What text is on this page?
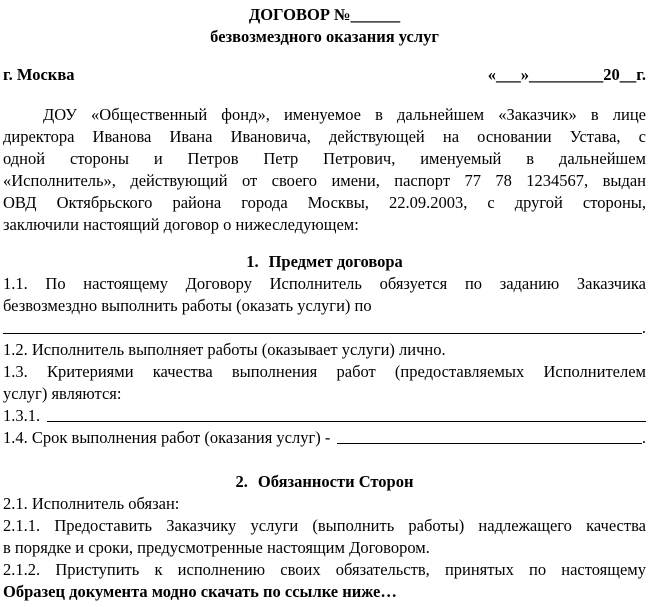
ДОГОВОР №______
безвозмездного оказания услуг
г. Москва	«___»_________20__г.
ДОУ «Общественный фонд», именуемое в дальнейшем «Заказчик» в лице
директора Иванова Ивана Ивановича, действующей на основании Устава, с
одной стороны и Петров Петр Петрович, именуемый в дальнейшем
«Исполнитель», действующий от своего имени, паспорт 77 78 1234567, выдан
ОВД Октябрьского района города Москвы, 22.09.2003, с другой стороны,
заключили настоящий договор о нижеследующем:
1. Предмет договора
1.1. По настоящему Договору Исполнитель обязуется по заданию Заказчика
безвозмездно выполнить работы (оказать услуги) по
.
1.2. Исполнитель выполняет работы (оказывает услуги) лично.
1.3. Критериями качества выполнения работ (предоставляемых Исполнителем
услуг) являются:
1.3.1.
1.4. Срок выполнения работ (оказания услуг) -	.
2. Обязанности Сторон
2.1. Исполнитель обязан:
2.1.1. Предоставить Заказчику услуги (выполнить работы) надлежащего качества
в порядке и сроки, предусмотренные настоящим Договором.
2.1.2. Приступить к исполнению своих обязательств, принятых по настоящему
Образец документа модно скачать по ссылке ниже…
